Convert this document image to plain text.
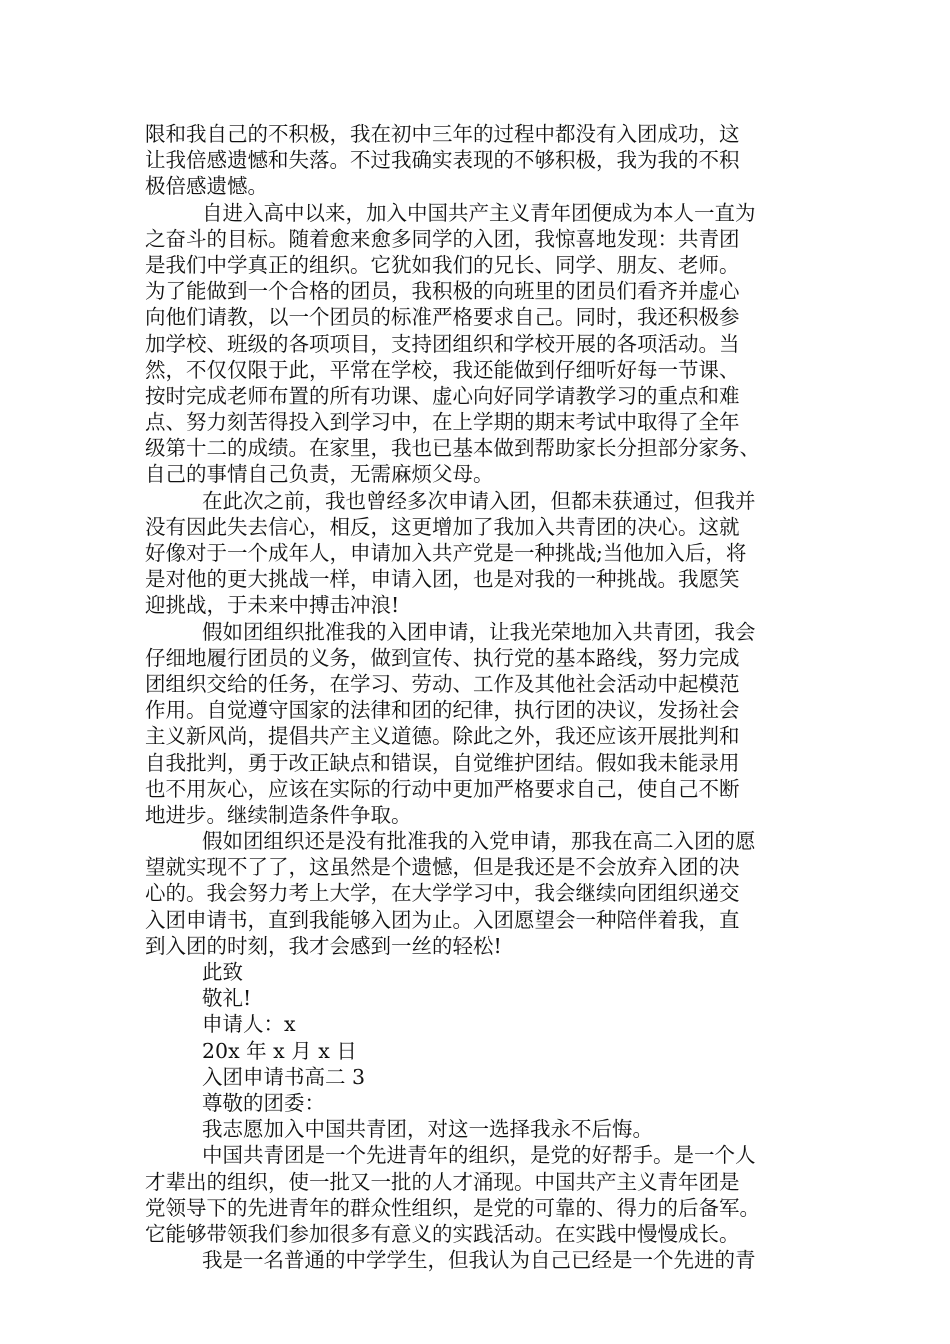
限和我自己的不积极，我在初中三年的过程中都没有入团成功，这
让我倍感遗憾和失落。不过我确实表现的不够积极，我为我的不积
极倍感遗憾。
自进入高中以来，加入中国共产主义青年团便成为本人一直为
之奋斗的目标。随着愈来愈多同学的入团，我惊喜地发现：共青团
是我们中学真正的组织。它犹如我们的兄长、同学、朋友、老师。
为了能做到一个合格的团员，我积极的向班里的团员们看齐并虚心
向他们请教，以一个团员的标准严格要求自己。同时，我还积极参
加学校、班级的各项项目，支持团组织和学校开展的各项活动。当
然，不仅仅限于此，平常在学校，我还能做到仔细听好每一节课、
按时完成老师布置的所有功课、虚心向好同学请教学习的重点和难
点、努力刻苦得投入到学习中，在上学期的期末考试中取得了全年
级第十二的成绩。在家里，我也已基本做到帮助家长分担部分家务、
自己的事情自己负责，无需麻烦父母。
在此次之前，我也曾经多次申请入团，但都未获通过，但我并
没有因此失去信心，相反，这更增加了我加入共青团的决心。这就
好像对于一个成年人，申请加入共产党是一种挑战;当他加入后，将
是对他的更大挑战一样，申请入团，也是对我的一种挑战。我愿笑
迎挑战，于未来中搏击冲浪!
假如团组织批准我的入团申请，让我光荣地加入共青团，我会
仔细地履行团员的义务，做到宣传、执行党的基本路线，努力完成
团组织交给的任务，在学习、劳动、工作及其他社会活动中起模范
作用。自觉遵守国家的法律和团的纪律，执行团的决议，发扬社会
主义新风尚，提倡共产主义道德。除此之外，我还应该开展批判和
自我批判，勇于改正缺点和错误，自觉维护团结。假如我未能录用
也不用灰心，应该在实际的行动中更加严格要求自己，使自己不断
地进步。继续制造条件争取。
假如团组织还是没有批准我的入党申请，那我在高二入团的愿
望就实现不了了，这虽然是个遗憾，但是我还是不会放弃入团的决
心的。我会努力考上大学，在大学学习中，我会继续向团组织递交
入团申请书，直到我能够入团为止。入团愿望会一种陪伴着我，直
到入团的时刻，我才会感到一丝的轻松!
此致
敬礼!
申请人：x
20x 年 x 月 x 日
入团申请书高二 3
尊敬的团委：
我志愿加入中国共青团，对这一选择我永不后悔。
中国共青团是一个先进青年的组织，是党的好帮手。是一个人
才辈出的组织，使一批又一批的人才涌现。中国共产主义青年团是
党领导下的先进青年的群众性组织，是党的可靠的、得力的后备军。
它能够带领我们参加很多有意义的实践活动。在实践中慢慢成长。
我是一名普通的中学学生，但我认为自己已经是一个先进的青
